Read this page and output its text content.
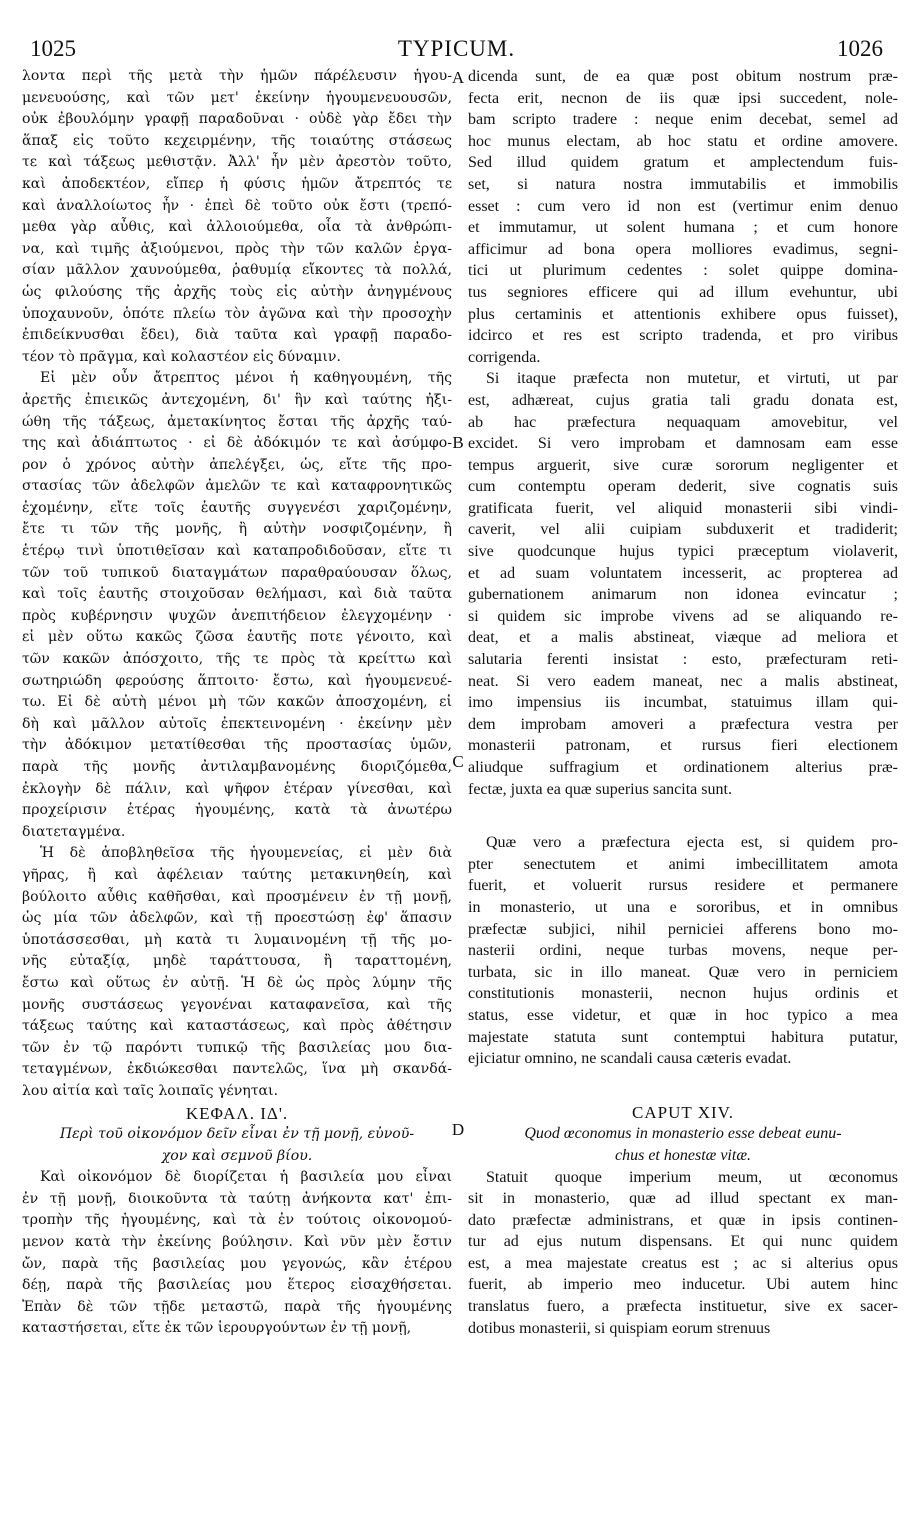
1025	TYPICUM.	1026
A
B
C
D
λοντα περὶ τῆς μετὰ τὴν ἡμῶν πάρέλευσιν ἡγου-
μενευούσης, καὶ τῶν μετ' ἐκείνην ἡγουμενευουσῶν,
οὐκ ἐβουλόμην γραφῇ παραδοῦναι · οὐδὲ γὰρ ἔδει τὴν
ἅπαξ εἰς τοῦτο κεχειρμένην, τῆς τοιαύτης στάσεως
τε καὶ τάξεως μεθιστᾷν. Ἀλλ' ἦν μὲν ἀρεστὸν τοῦτο,
καὶ ἀποδεκτέον, εἴπερ ἡ φύσις ἡμῶν ἄτρεπτός τε
καὶ ἀναλλοίωτος ἦν · ἐπεὶ δὲ τοῦτο οὐκ ἔστι (τρεπό-
μεθα γὰρ αὖθις, καὶ ἀλλοιούμεθα, οἷα τὰ ἀνθρώπι-
να, καὶ τιμῆς ἀξιούμενοι, πρὸς τὴν τῶν καλῶν ἐργα-
σίαν μᾶλλον χαυνούμεθα, ῥαθυμίᾳ εἴκοντες τὰ πολλά,
ὡς φιλούσης τῆς ἀρχῆς τοὺς εἰς αὐτὴν ἀνηγμένους
ὑποχαυνοῦν, ὁπότε πλείω τὸν ἀγῶνα καὶ τὴν προσοχὴν
ἐπιδείκνυσθαι ἔδει), διὰ ταῦτα καὶ γραφῇ παραδο-
τέον τὸ πρᾶγμα, καὶ κολαστέον εἰς δύναμιν.
Εἰ μὲν οὖν ἄτρεπτος μένοι ἡ καθηγουμένη, τῆς
ἀρετῆς ἐπιεικῶς ἀντεχομένη, δι' ἣν καὶ ταύτης ἠξι-
ώθη τῆς τάξεως, ἀμετακίνητος ἔσται τῆς ἀρχῆς ταύ-
της καὶ ἀδιάπτωτος · εἰ δὲ ἀδόκιμόν τε καὶ ἀσύμφο-
ρον ὁ χρόνος αὐτὴν ἀπελέγξει, ὡς, εἴτε τῆς προ-
στασίας τῶν ἀδελφῶν ἀμελῶν τε καὶ καταφρονητικῶς
ἐχομένην, εἴτε τοῖς ἑαυτῆς συγγενέσι χαριζομένην,
ἔτε τι τῶν τῆς μονῆς, ἢ αὐτὴν νοσφιζομένην, ἢ
ἑτέρῳ τινὶ ὑποτιθεῖσαν καὶ καταπροδιδοῦσαν, εἴτε τι
τῶν τοῦ τυπικοῦ διαταγμάτων παραθραύουσαν ὅλως,
καὶ τοῖς ἑαυτῆς στοιχοῦσαν θελήμασι, καὶ διὰ ταῦτα
πρὸς κυβέρνησιν ψυχῶν ἀνεπιτήδειον ἐλεγχομένην ·
εἰ μὲν οὕτω κακῶς ζῶσα ἑαυτῆς ποτε γένοιτο, καὶ
τῶν κακῶν ἀπόσχοιτο, τῆς τε πρὸς τὰ κρείττω καὶ
σωτηριώδη φερούσης ἅπτοιτο· ἔστω, καὶ ἡγουμενευέ-
τω. Εἰ δὲ αὐτὴ μένοι μὴ τῶν κακῶν ἀποσχομένη, εἰ
δὴ καὶ μᾶλλον αὐτοῖς ἐπεκτεινομένη · ἐκείνην μὲν
τὴν ἀδόκιμον μετατίθεσθαι τῆς προστασίας ὑμῶν,
παρὰ τῆς μονῆς ἀντιλαμβανομένης διοριζόμεθα,
ἐκλογὴν δὲ πάλιν, καὶ ψῆφον ἑτέραν γίνεσθαι, καὶ
προχείρισιν ἑτέρας ἡγουμένης, κατὰ τὰ ἀνωτέρω
διατεταγμένα.
Ἡ δὲ ἀποβληθεῖσα τῆς ἡγουμενείας, εἰ μὲν διὰ
γῆρας, ἢ καὶ ἀφέλειαν ταύτης μετακινηθείη, καὶ
βούλοιτο αὖθις καθῆσθαι, καὶ προσμένειν ἐν τῇ μονῇ,
ὡς μία τῶν ἀδελφῶν, καὶ τῇ προεστώσῃ ἐφ' ἅπασιν
ὑποτάσσεσθαι, μὴ κατὰ τι λυμαινομένη τῇ τῆς μο-
νῆς εὐταξίᾳ, μηδὲ ταράττουσα, ἢ ταραττομένη,
ἔστω καὶ οὕτως ἐν αὐτῇ. Ἡ δὲ ὡς πρὸς λύμην τῆς
μονῆς συστάσεως γεγονέναι καταφανεῖσα, καὶ τῆς
τάξεως ταύτης καὶ καταστάσεως, καὶ πρὸς ἀθέτησιν
τῶν ἐν τῷ παρόντι τυπικῷ τῆς βασιλείας μου δια-
τεταγμένων, ἐκδιώκεσθαι παντελῶς, ἵνα μὴ σκανδά-
λου αἰτία καὶ ταῖς λοιπαῖς γένηται.
ΚΕΦΑΛ. ΙΔ'.
Περὶ τοῦ οἰκονόμον δεῖν εἶναι ἐν τῇ μονῇ, εὐνοῦ-
χον καὶ σεμνοῦ βίου.
Καὶ οἰκονόμον δὲ διορίζεται ἡ βασιλεία μου εἶναι
ἐν τῇ μονῇ, διοικοῦντα τὰ ταύτῃ ἀνήκοντα κατ' ἐπι-
τροπὴν τῆς ἡγουμένης, καὶ τὰ ἐν τούτοις οἰκονομού-
μενον κατὰ τὴν ἐκείνης βούλησιν. Καὶ νῦν μὲν ἔστιν
ὤν, παρὰ τῆς βασιλείας μου γεγονώς, κἂν ἑτέρου
δέῃ, παρὰ τῆς βασιλείας μου ἕτερος εἰσαχθήσεται.
Ἐπὰν δὲ τῶν τῇδε μεταστῶ, παρὰ τῆς ἡγουμένης
καταστήσεται, εἴτε ἐκ τῶν ἱερουργούντων ἐν τῇ μονῇ,
dicenda sunt, de ea quæ post obitum nostrum præ-
fecta erit, necnon de iis quæ ipsi succedent, nole-
bam scripto tradere : neque enim decebat, semel ad
hoc munus electam, ab hoc statu et ordine amovere.
Sed illud quidem gratum et amplectendum fuis-
set, si natura nostra immutabilis et immobilis
esset : cum vero id non est (vertimur enim denuo
et immutamur, ut solent humana ; et cum honore
afficimur ad bona opera molliores evadimus, segni-
tici ut plurimum cedentes : solet quippe domina-
tus segniores efficere qui ad illum evehuntur, ubi
plus certaminis et attentionis exhibere opus fuisset),
idcirco et res est scripto tradenda, et pro viribus
corrigenda.
Si itaque præfecta non mutetur, et virtuti, ut par
est, adhæreat, cujus gratia tali gradu donata est,
ab hac præfectura nequaquam amovebitur, vel
excidet. Si vero improbam et damnosam eam esse
tempus arguerit, sive curæ sororum negligenter et
cum contemptu operam dederit, sive cognatis suis
gratificata fuerit, vel aliquid monasterii sibi vindi-
caverit, vel alii cuipiam subduxerit et tradiderit;
sive quodcunque hujus typici præceptum violaverit,
et ad suam voluntatem incesserit, ac propterea ad
gubernationem animarum non idonea evincatur ;
si quidem sic improbe vivens ad se aliquando re-
deat, et a malis abstineat, viæque ad meliora et
salutaria ferenti insistat : esto, præfecturam reti-
neat. Si vero eadem maneat, nec a malis abstineat,
imo impensius iis incumbat, statuimus illam qui-
dem improbam amoveri a præfectura vestra per
monasterii patronam, et rursus fieri electionem
aliudque suffragium et ordinationem alterius præ-
fectæ, juxta ea quæ superius sancita sunt.
Quæ vero a præfectura ejecta est, si quidem pro-
pter senectutem et animi imbecillitatem amota
fuerit, et voluerit rursus residere et permanere
in monasterio, ut una e sororibus, et in omnibus
præfectæ subjici, nihil perniciei afferens bono mo-
nasterii ordini, neque turbas movens, neque per-
turbata, sic in illo maneat. Quæ vero in perniciem
constitutionis monasterii, necnon hujus ordinis et
status, esse videtur, et quæ in hoc typico a mea
majestate statuta sunt contemptui habitura putatur,
ejiciatur omnino, ne scandali causa cæteris evadat.
CAPUT XIV.
Quod œconomus in monasterio esse debeat eunu-
chus et honestæ vitæ.
Statuit quoque imperium meum, ut œconomus
sit in monasterio, quæ ad illud spectant ex man-
dato præfectæ administrans, et quæ in ipsis continen-
tur ad ejus nutum dispensans. Et qui nunc quidem
est, a mea majestate creatus est ; ac si alterius opus
fuerit, ab imperio meo inducetur. Ubi autem hinc
translatus fuero, a præfecta instituetur, sive ex sacer-
dotibus monasterii, si quispiam eorum strenuus
